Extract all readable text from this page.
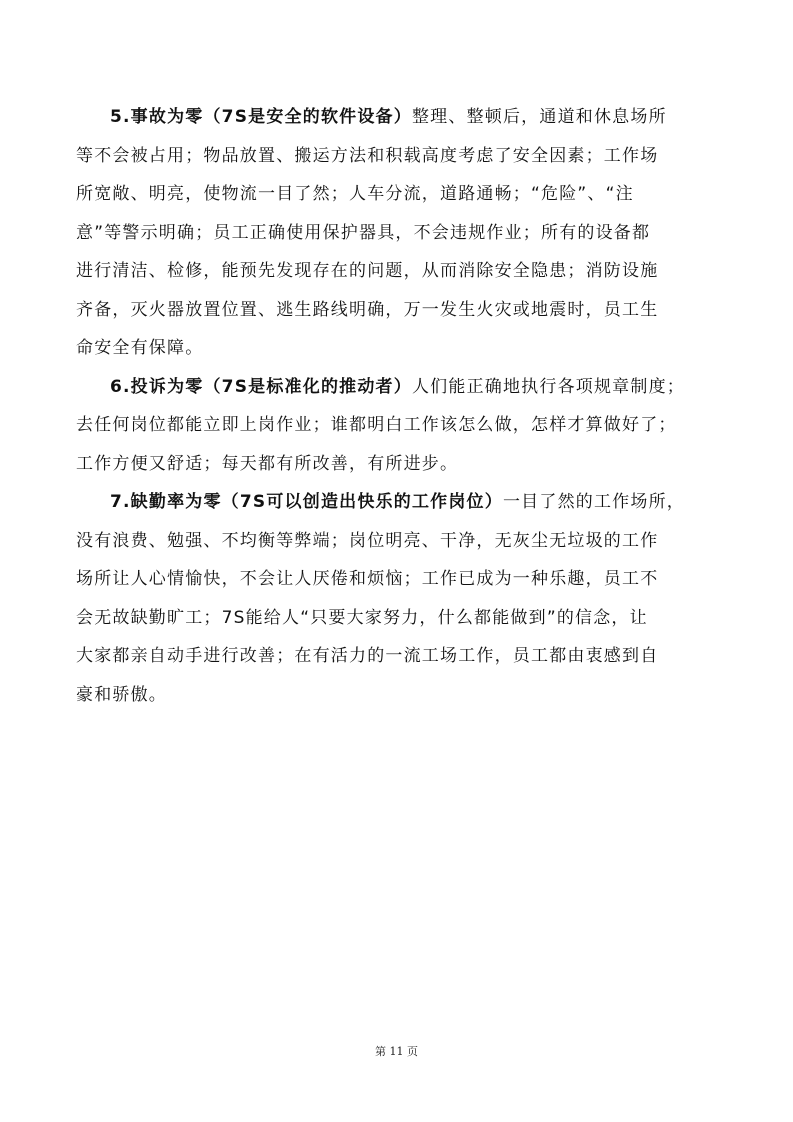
5.事故为零（7S是安全的软件设备）整理、整顿后，通道和休息场所
等不会被占用；物品放置、搬运方法和积载高度考虑了安全因素；工作场
所宽敞、明亮，使物流一目了然；人车分流，道路通畅；“危险”、“注
意”等警示明确；员工正确使用保护器具，不会违规作业；所有的设备都
进行清洁、检修，能预先发现存在的问题，从而消除安全隐患；消防设施
齐备，灭火器放置位置、逃生路线明确，万一发生火灾或地震时，员工生
命安全有保障。

6.投诉为零（7S是标准化的推动者）人们能正确地执行各项规章制度；
去任何岗位都能立即上岗作业；谁都明白工作该怎么做，怎样才算做好了；
工作方便又舒适；每天都有所改善，有所进步。

7.缺勤率为零（7S可以创造出快乐的工作岗位）一目了然的工作场所，
没有浪费、勉强、不均衡等弊端；岗位明亮、干净，无灰尘无垃圾的工作
场所让人心情愉快，不会让人厌倦和烦恼；工作已成为一种乐趣，员工不
会无故缺勤旷工；7S能给人“只要大家努力，什么都能做到”的信念，让
大家都亲自动手进行改善；在有活力的一流工场工作，员工都由衷感到自
豪和骄傲。

第 11 页
